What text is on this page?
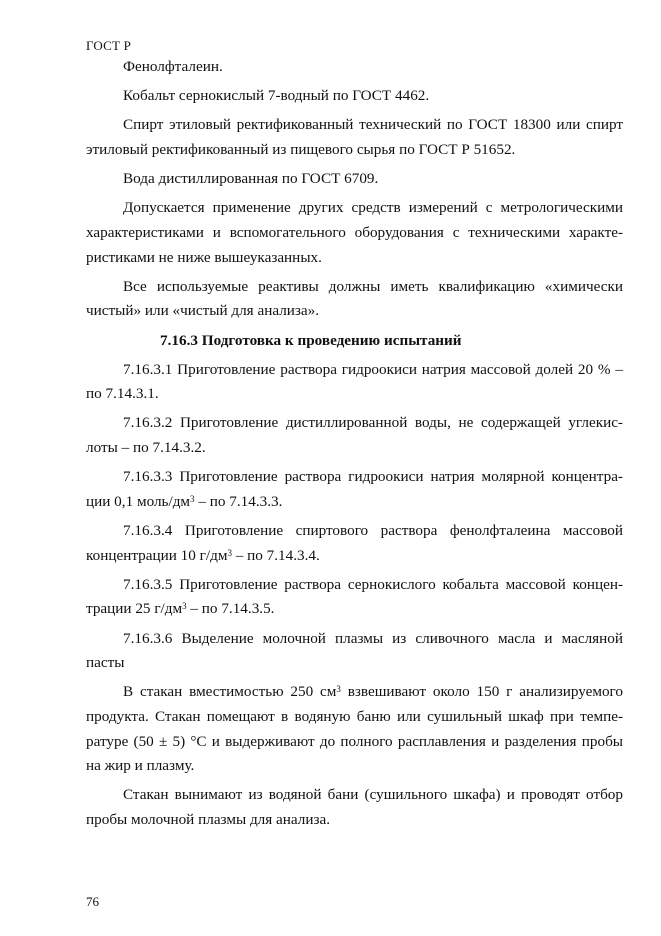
ГОСТ Р
Фенолфталеин.
Кобальт сернокислый 7-водный по ГОСТ 4462.
Спирт этиловый ректификованный технический по ГОСТ 18300 или спирт
этиловый ректификованный из пищевого сырья по ГОСТ Р 51652.
Вода дистиллированная по ГОСТ 6709.
Допускается применение других средств измерений с метрологическими
характеристиками и вспомогательного оборудования с техническими характе-
ристиками не ниже вышеуказанных.
Все используемые реактивы должны иметь квалификацию «химически
чистый» или «чистый для анализа».
7.16.3 Подготовка к проведению испытаний
7.16.3.1 Приготовление раствора гидроокиси натрия массовой долей 20 % –
по 7.14.3.1.
7.16.3.2 Приготовление дистиллированной воды, не содержащей углекис-
лоты – по 7.14.3.2.
7.16.3.3 Приготовление раствора гидроокиси натрия молярной концентра-
ции 0,1 моль/$дм^3$ – по 7.14.3.3.
7.16.3.4 Приготовление спиртового раствора фенолфталеина массовой
концентрации 10 $г/дм^3$ – по 7.14.3.4.
7.16.3.5 Приготовление раствора сернокислого кобальта массовой концен-
трации 25 $г/дм^3$ – по 7.14.3.5.
7.16.3.6 Выделение молочной плазмы из сливочного масла и масляной
пасты
В стакан вместимостью 250 $см^3$ взвешивают около 150 г анализируемого
продукта. Стакан помещают в водяную баню или сушильный шкаф при темпе-
ратуре (50 ± 5) °С и выдерживают до полного расплавления и разделения пробы
на жир и плазму.
Стакан вынимают из водяной бани (сушильного шкафа) и проводят отбор
пробы молочной плазмы для анализа.
76
